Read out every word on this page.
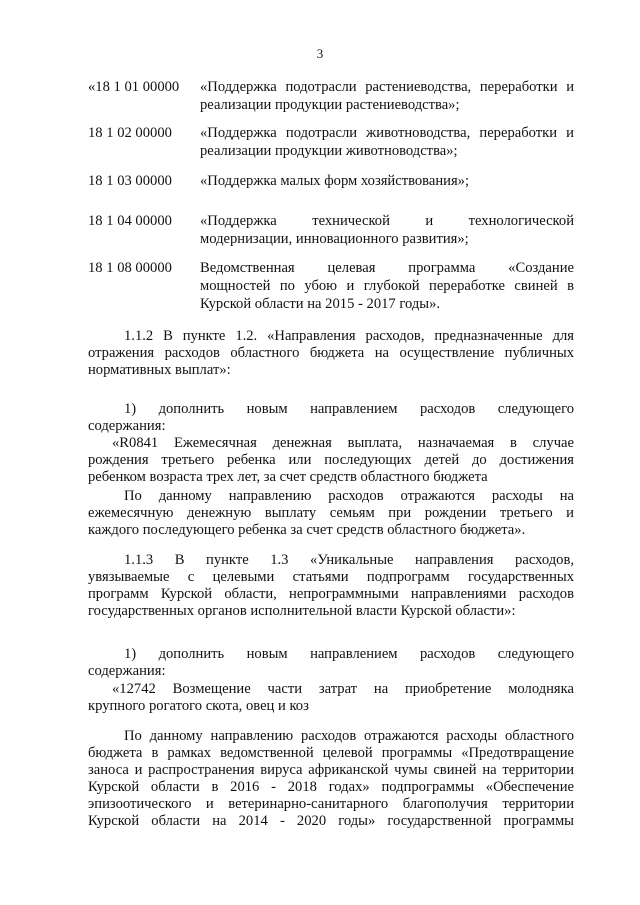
3
«18 1 01 00000	«Поддержка подотрасли растениеводства, переработки и
реализации продукции растениеводства»;
18 1 02 00000	«Поддержка подотрасли животноводства, переработки и
реализации продукции животноводства»;
18 1 03 00000	«Поддержка малых форм хозяйствования»;
18 1 04 00000	«Поддержка       технической       и       технологической
модернизации, инновационного развития»;
18 1 08 00000	Ведомственная целевая программа «Создание
мощностей по убою и глубокой переработке свиней в
Курской области на 2015 - 2017 годы».
1.1.2 В пункте 1.2. «Направления расходов, предназначенные для
отражения расходов областного бюджета на осуществление публичных
нормативных выплат»:
1) дополнить новым направлением расходов следующего
содержания:
«R0841 Ежемесячная денежная выплата, назначаемая в случае
рождения третьего ребенка или последующих детей до достижения
ребенком возраста трех лет, за счет средств областного бюджета
По данному направлению расходов отражаются расходы на
ежемесячную денежную выплату семьям при рождении третьего и
каждого последующего ребенка за счет средств областного бюджета».
1.1.3 В пункте 1.3 «Уникальные направления расходов,
увязываемые с целевыми статьями подпрограмм государственных
программ Курской области, непрограммными направлениями расходов
государственных органов исполнительной власти Курской области»:
1) дополнить новым направлением расходов следующего
содержания:
«12742 Возмещение части затрат на приобретение молодняка
крупного рогатого скота, овец и коз
По данному направлению расходов отражаются расходы областного
бюджета в рамках ведомственной целевой программы «Предотвращение
заноса и распространения вируса африканской чумы свиней на территории
Курской области в 2016 - 2018 годах» подпрограммы «Обеспечение
эпизоотического и ветеринарно-санитарного благополучия территории
Курской области на 2014 - 2020 годы» государственной программы
